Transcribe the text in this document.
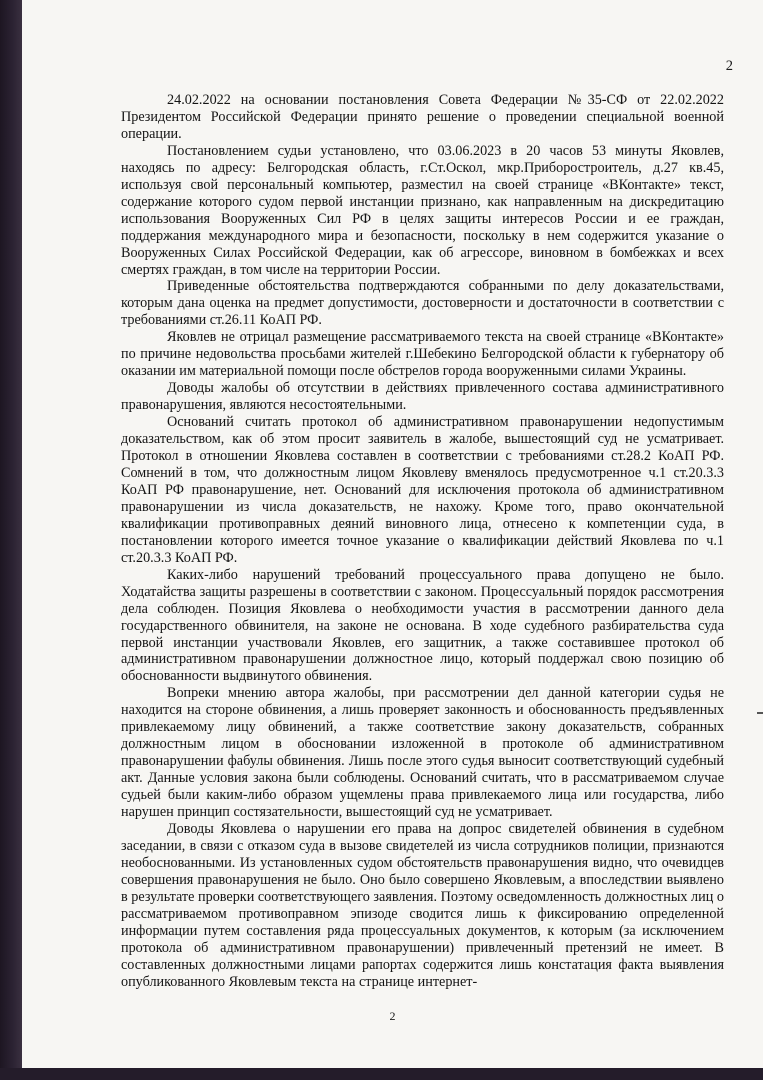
2

24.02.2022 на основании постановления Совета Федерации №35-СФ от 22.02.2022 Президентом Российской Федерации принято решение о проведении специальной военной операции.

Постановлением судьи установлено, что 03.06.2023 в 20 часов 53 минуты Яковлев, находясь по адресу: Белгородская область, г.Ст.Оскол, мкр.Приборостроитель, д.27 кв.45, используя свой персональный компьютер, разместил на своей странице «ВКонтакте» текст, содержание которого судом первой инстанции признано, как направленным на дискредитацию использования Вооруженных Сил РФ в целях защиты интересов России и ее граждан, поддержания международного мира и безопасности, поскольку в нем содержится указание о Вооруженных Силах Российской Федерации, как об агрессоре, виновном в бомбежках и всех смертях граждан, в том числе на территории России.

Приведенные обстоятельства подтверждаются собранными по делу доказательствами, которым дана оценка на предмет допустимости, достоверности и достаточности в соответствии с требованиями ст.26.11 КоАП РФ.

Яковлев не отрицал размещение рассматриваемого текста на своей странице «ВКонтакте» по причине недовольства просьбами жителей г.Шебекино Белгородской области к губернатору об оказании им материальной помощи после обстрелов города вооруженными силами Украины.

Доводы жалобы об отсутствии в действиях привлеченного состава административного правонарушения, являются несостоятельными.

Оснований считать протокол об административном правонарушении недопустимым доказательством, как об этом просит заявитель в жалобе, вышестоящий суд не усматривает. Протокол в отношении Яковлева составлен в соответствии с требованиями ст.28.2 КоАП РФ. Сомнений в том, что должностным лицом Яковлеву вменялось предусмотренное ч.1 ст.20.3.3 КоАП РФ правонарушение, нет. Оснований для исключения протокола об административном правонарушении из числа доказательств, не нахожу. Кроме того, право окончательной квалификации противоправных деяний виновного лица, отнесено к компетенции суда, в постановлении которого имеется точное указание о квалификации действий Яковлева по ч.1 ст.20.3.3 КоАП РФ.

Каких-либо нарушений требований процессуального права допущено не было. Ходатайства защиты разрешены в соответствии с законом. Процессуальный порядок рассмотрения дела соблюден. Позиция Яковлева о необходимости участия в рассмотрении данного дела государственного обвинителя, на законе не основана. В ходе судебного разбирательства суда первой инстанции участвовали Яковлев, его защитник, а также составившее протокол об административном правонарушении должностное лицо, который поддержал свою позицию об обоснованности выдвинутого обвинения.

Вопреки мнению автора жалобы, при рассмотрении дел данной категории судья не находится на стороне обвинения, а лишь проверяет законность и обоснованность предъявленных привлекаемому лицу обвинений, а также соответствие закону доказательств, собранных должностным лицом в обосновании изложенной в протоколе об административном правонарушении фабулы обвинения. Лишь после этого судья выносит соответствующий судебный акт. Данные условия закона были соблюдены. Оснований считать, что в рассматриваемом случае судьей были каким-либо образом ущемлены права привлекаемого лица или государства, либо нарушен принцип состязательности, вышестоящий суд не усматривает.

Доводы Яковлева о нарушении его права на допрос свидетелей обвинения в судебном заседании, в связи с отказом суда в вызове свидетелей из числа сотрудников полиции, признаются необоснованными. Из установленных судом обстоятельств правонарушения видно, что очевидцев совершения правонарушения не было. Оно было совершено Яковлевым, а впоследствии выявлено в результате проверки соответствующего заявления. Поэтому осведомленность должностных лиц о рассматриваемом противоправном эпизоде сводится лишь к фиксированию определенной информации путем составления ряда процессуальных документов, к которым (за исключением протокола об административном правонарушении) привлеченный претензий не имеет. В составленных должностными лицами рапортах содержится лишь констатация факта выявления опубликованного Яковлевым текста на странице интернет-

2
